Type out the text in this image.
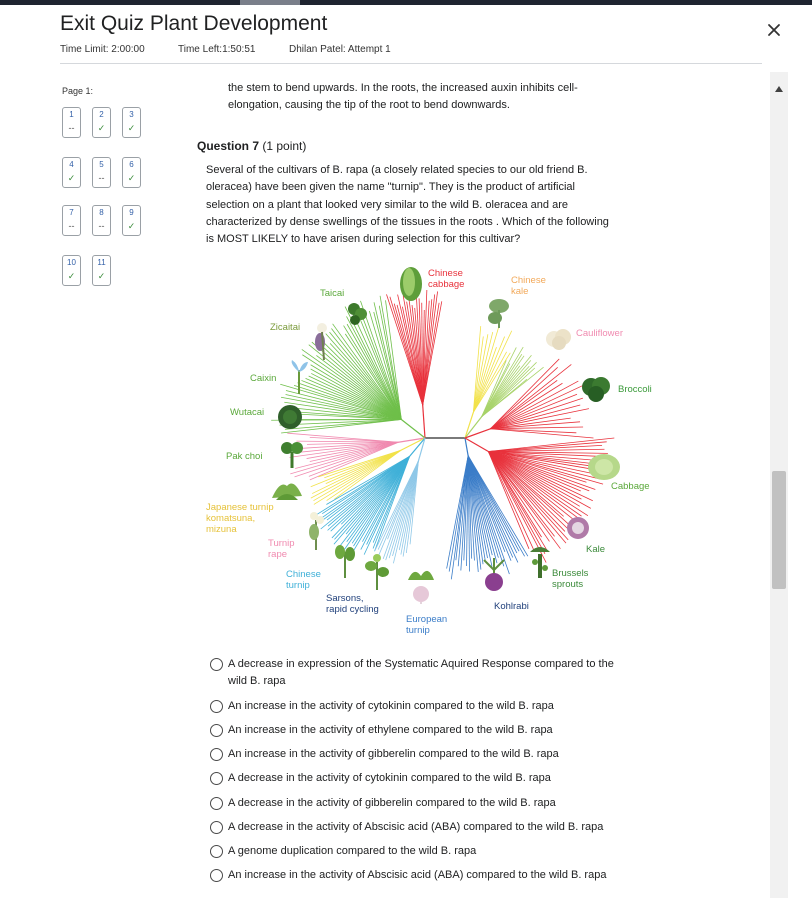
Exit Quiz Plant Development
Time Limit: 2:00:00	Time Left:1:50:51	Dhilan Patel: Attempt 1
Page 1:
1
--
2
✓
3
✓
4
✓
5
--
6
✓
7
--
8
--
9
✓
10
✓
11
✓
the stem to bend upwards. In the roots, the increased auxin inhibits cell-
elongation, causing the tip of the root to bend downwards.
Question 7 (1 point)
Several of the cultivars of B. rapa (a closely related species to our old friend B.
oleracea) have been given the name "turnip". They is the product of artificial
selection on a plant that looked very similar to the wild B. oleracea and are
characterized by dense swellings of the tissues in the roots . Which of the following
is MOST LIKELY to have arisen during selection for this cultivar?
Chinese
cabbage	Chinese
kale
Taicai
Zicaitai
Cauliflower
Caixin
Broccoli
Wutacai
Pak choi
Cabbage
Japanese turnip
komatsuna,
mizuna
Kale
Turnip
rape
Brussels
sprouts
Chinese
turnip
Sarsons,
rapid cycling	Kohlrabi
European
turnip
A decrease in expression of the Systematic Aquired Response compared to the
wild B. rapa
An increase in the activity of cytokinin compared to the wild B. rapa
An increase in the activity of ethylene compared to the wild B. rapa
An increase in the activity of gibberelin compared to the wild B. rapa
A decrease in the activity of cytokinin compared to the wild B. rapa
A decrease in the activity of gibberelin compared to the wild B. rapa
A decrease in the activity of Abscisic acid (ABA) compared to the wild B. rapa
A genome duplication compared to the wild B. rapa
An increase in the activity of Abscisic acid (ABA) compared to the wild B. rapa
